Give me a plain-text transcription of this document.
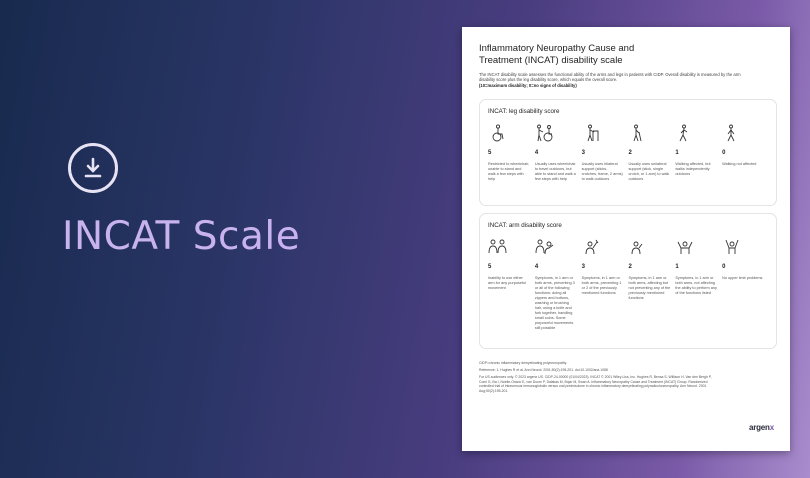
INCAT Scale
Inflammatory Neuropathy Cause and Treatment (INCAT) disability scale
The INCAT disability scale assesses the functional ability of the arms and legs in patients with CIDP. Overall disability is measured by the arm disability score plus the leg disability score, which equals the overall score.
(10=maximum disability; 0=no signs of disability)
INCAT: leg disability score
5
Restricted to wheelchair, unable to stand and walk a few steps with help
4
Usually uses wheelchair to travel outdoors, but able to stand and walk a few steps with help
3
Usually uses bilateral support (sticks, crutches, frame, 2 arms) to walk outdoors
2
Usually uses unilateral support (stick, single crutch, or 1 arm) to walk outdoors
1
Walking affected, but walks independently outdoors
0
Walking not affected
INCAT: arm disability score
5
Inability to use either arm for any purposeful movement
4
Symptoms, in 1 arm or both arms, preventing 3 or all of the following functions: doing all zippers and buttons, washing or brushing hair, using a knife and fork together, handling small coins. Some purposeful movements still possible
3
Symptoms, in 1 arm or both arms, preventing 1 or 2 of the previously mentioned functions
2
Symptoms, in 1 arm or both arms, affecting but not preventing any of the previously mentioned functions
1
Symptoms, in 1 arm or both arms, not affecting the ability to perform any of the functions listed
0
No upper limb problems

CIDP=chronic inflammatory demyelinating polyneuropathy.

Reference: 1. Hughes R et al. Ann Neurol. 2001;50(2):195-201. doi:10.1002/ana.1088

For US audiences only. © 2023 argenx US. CIDP-24-00000 (01/04/2023). INCAT © 2001 Wiley-Liss, Inc. Hughes R, Bensa S, Willison H, Van den Bergh P, Comi G, Illa I, Nobile-Orazio E, van Doorn P, Dalakas M, Bojar M, Swan A. Inflammatory Neuropathy Cause and Treatment (INCAT) Group. Randomized controlled trial of intravenous immunoglobulin versus oral prednisolone in chronic inflammatory demyelinating polyradiculoneuropathy. Ann Neurol. 2001 Aug;50(2):195-201.

argenx
